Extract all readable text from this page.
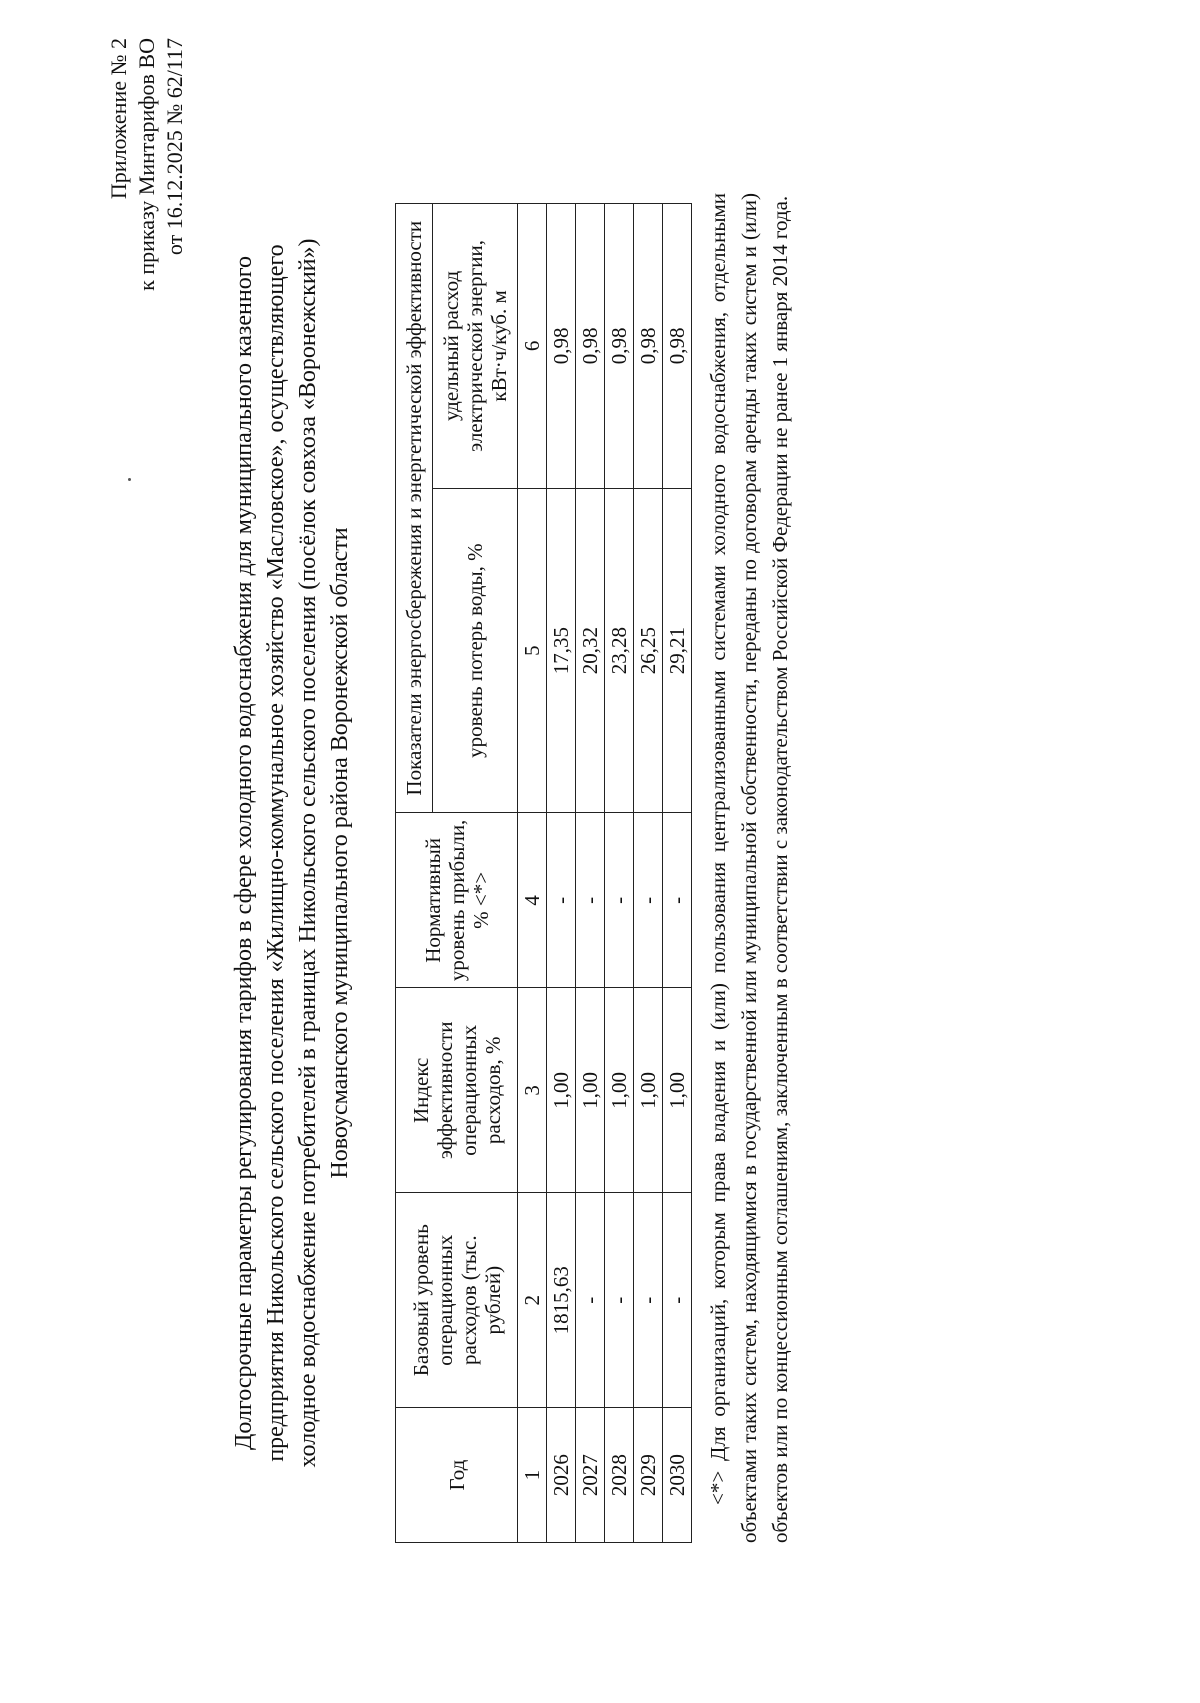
Приложение № 2 к приказу Минтарифов ВО от 16.12.2025 № 62/117
Долгосрочные параметры регулирования тарифов в сфере холодного водоснабжения для муниципального казенного предприятия Никольского сельского поселения «Жилищно-коммунальное хозяйство «Масловское», осуществляющего холодное водоснабжение потребителей в границах Никольского сельского поселения (посёлок совхоза «Воронежский») Новоусманского муниципального района Воронежской области
Год	Базовый уровень операционных расходов (тыс. рублей)	Индекс эффективности операционных расходов, %	Нормативный уровень прибыли, % <*>	Показатели энергосбережения и энергетической эффективности	
				уровень потерь воды, %	удельный расход электрической энергии, кВт·ч/куб. м
1	2	3	4	5	6
2026	1815,63	1,00	-	17,35	0,98
2027	-	1,00	-	20,32	0,98
2028	-	1,00	-	23,28	0,98
2029	-	1,00	-	26,25	0,98
2030	-	1,00	-	29,21	0,98 <*> Для организаций, которым права владения и (или) пользования централизованными системами холодного водоснабжения, отдельными объектами таких систем, находящимися в государственной или муниципальной собственности, переданы по договорам аренды таких систем и (или) объектов или по концессионным соглашениям, заключенным в соответствии с законодательством Российской Федерации не ранее 1 января 2014 года.
